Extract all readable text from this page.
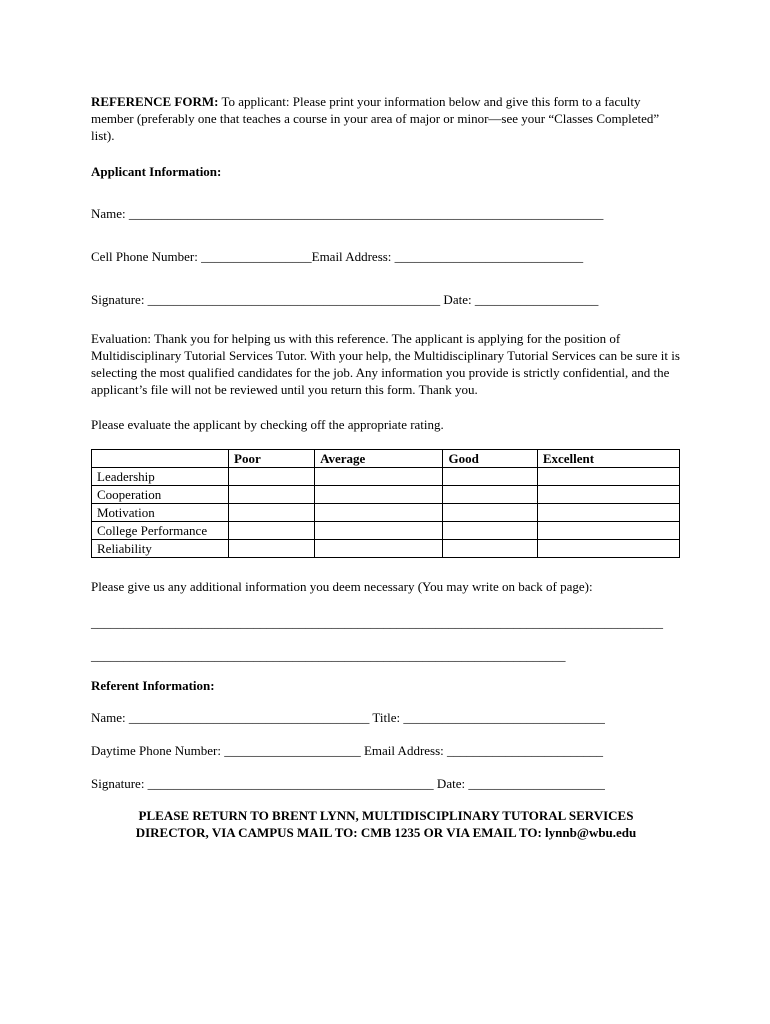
REFERENCE FORM: To applicant: Please print your information below and give this form to a faculty member (preferably one that teaches a course in your area of major or minor—see your “Classes Completed” list).
Applicant Information:
Name: _________________________________________________________________________
Cell Phone Number: _________________Email Address: _____________________________
Signature: _____________________________________________ Date: ___________________
Evaluation: Thank you for helping us with this reference. The applicant is applying for the position of Multidisciplinary Tutorial Services Tutor. With your help, the Multidisciplinary Tutorial Services can be sure it is selecting the most qualified candidates for the job. Any information you provide is strictly confidential, and the applicant’s file will not be reviewed until you return this form. Thank you.
Please evaluate the applicant by checking off the appropriate rating.
	Poor	Average	Good	Excellent
Leadership				
Cooperation				
Motivation				
College Performance				
Reliability				
Please give us any additional information you deem necessary (You may write on back of page):
________________________________________________________________________________________
_________________________________________________________________________
Referent Information:
Name: _____________________________________ Title: _______________________________
Daytime Phone Number: _____________________ Email Address: ________________________
Signature: ____________________________________________ Date: _____________________
PLEASE RETURN TO BRENT LYNN, MULTIDISCIPLINARY TUTORAL SERVICES
DIRECTOR, VIA CAMPUS MAIL TO: CMB 1235 OR VIA EMAIL TO: lynnb@wbu.edu
